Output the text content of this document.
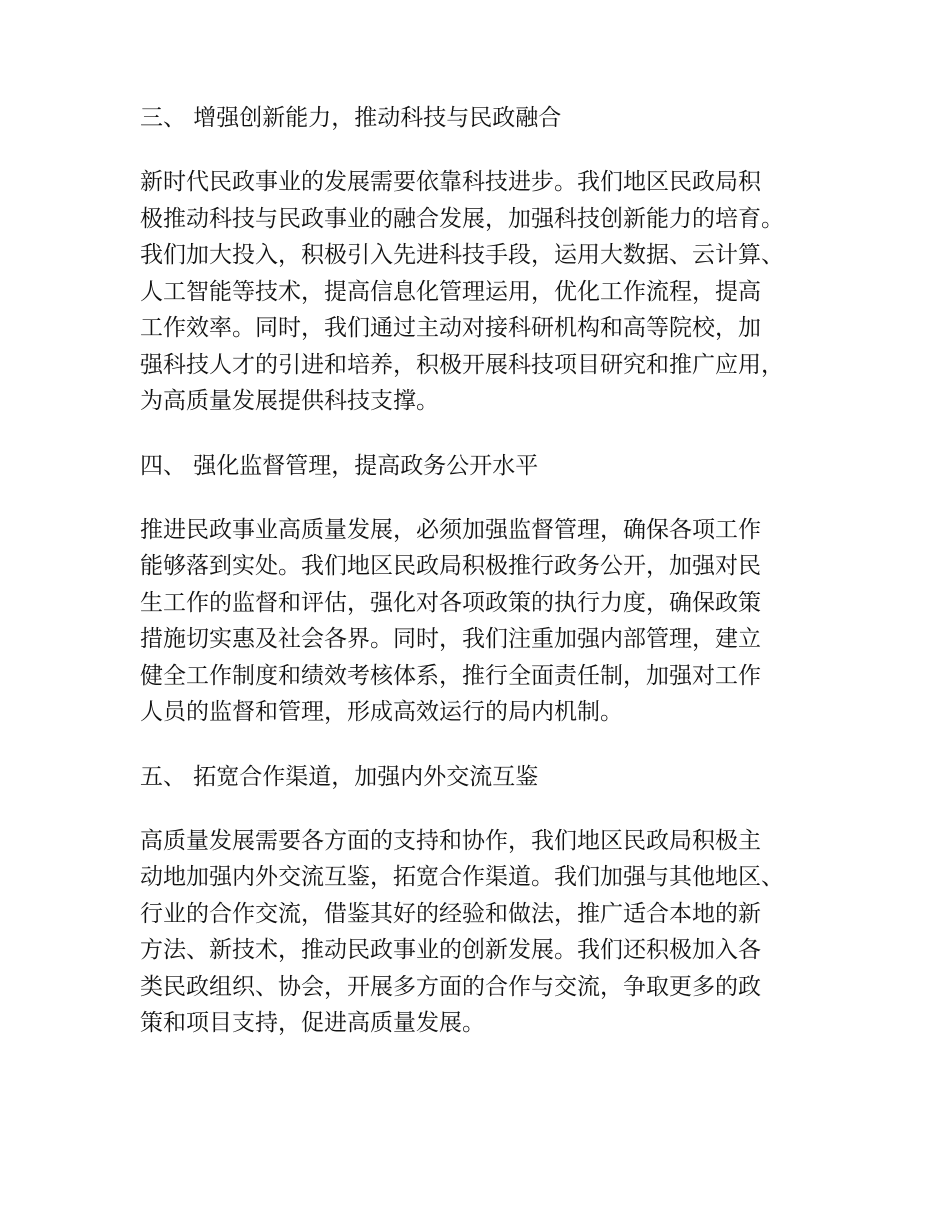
三、 增强创新能力，推动科技与民政融合
新时代民政事业的发展需要依靠科技进步。我们地区民政局积
极推动科技与民政事业的融合发展，加强科技创新能力的培育。
我们加大投入，积极引入先进科技手段，运用大数据、云计算、
人工智能等技术，提高信息化管理运用，优化工作流程，提高
工作效率。同时，我们通过主动对接科研机构和高等院校，加
强科技人才的引进和培养，积极开展科技项目研究和推广应用，
为高质量发展提供科技支撑。
四、 强化监督管理，提高政务公开水平
推进民政事业高质量发展，必须加强监督管理，确保各项工作
能够落到实处。我们地区民政局积极推行政务公开，加强对民
生工作的监督和评估，强化对各项政策的执行力度，确保政策
措施切实惠及社会各界。同时，我们注重加强内部管理，建立
健全工作制度和绩效考核体系，推行全面责任制，加强对工作
人员的监督和管理，形成高效运行的局内机制。
五、 拓宽合作渠道，加强内外交流互鉴
高质量发展需要各方面的支持和协作，我们地区民政局积极主
动地加强内外交流互鉴，拓宽合作渠道。我们加强与其他地区、
行业的合作交流，借鉴其好的经验和做法，推广适合本地的新
方法、新技术，推动民政事业的创新发展。我们还积极加入各
类民政组织、协会，开展多方面的合作与交流，争取更多的政
策和项目支持，促进高质量发展。
